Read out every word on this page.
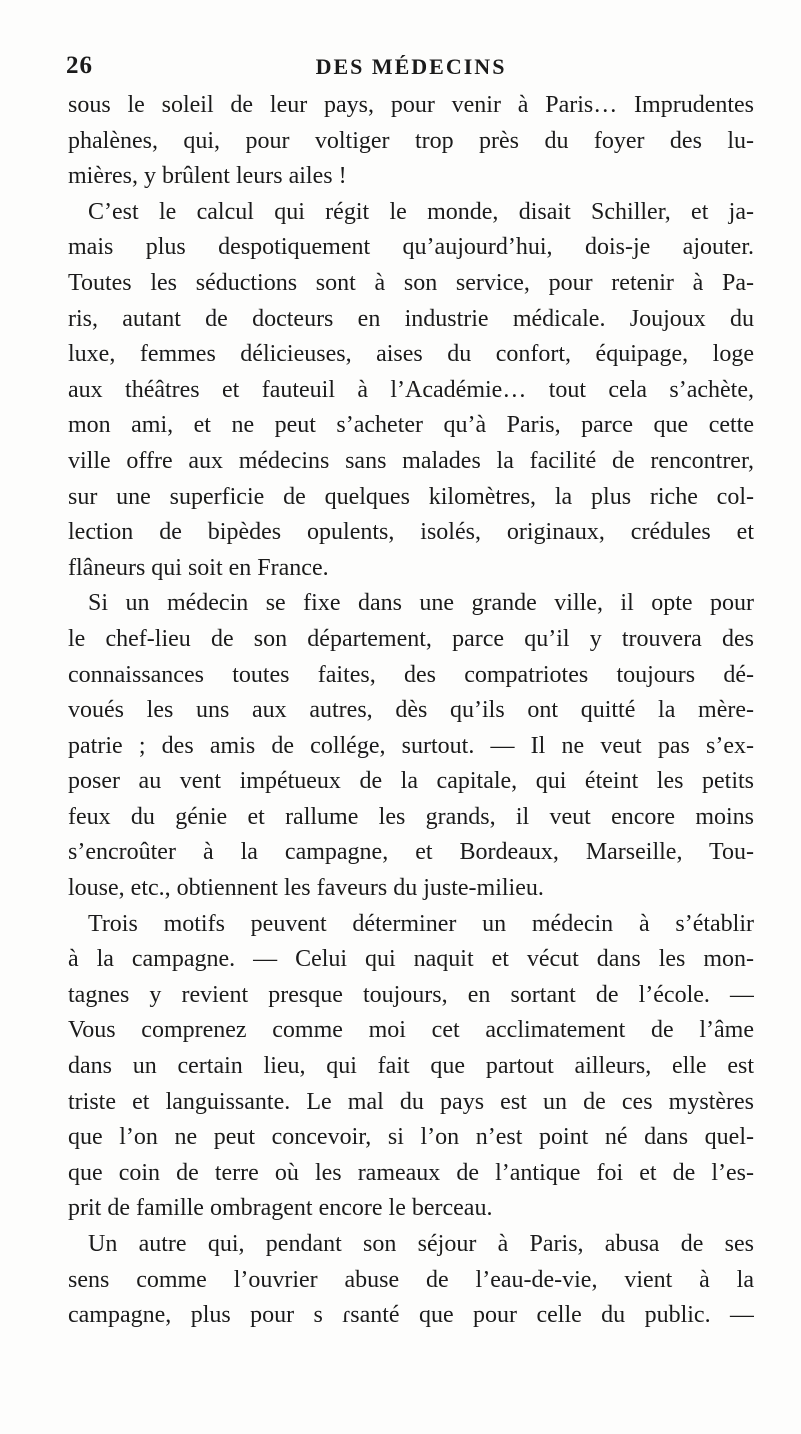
26	DES MÉDECINS
sous le soleil de leur pays, pour venir à Paris… Imprudentes
phalènes, qui, pour voltiger trop près du foyer des lu-
mières, y brûlent leurs ailes !
C’est le calcul qui régit le monde, disait Schiller, et ja-
mais plus despotiquement qu’aujourd’hui, dois-je ajouter.
Toutes les séductions sont à son service, pour retenir à Pa-
ris, autant de docteurs en industrie médicale. Joujoux du
luxe, femmes délicieuses, aises du confort, équipage, loge
aux théâtres et fauteuil à l’Académie… tout cela s’achète,
mon ami, et ne peut s’acheter qu’à Paris, parce que cette
ville offre aux médecins sans malades la facilité de rencontrer,
sur une superficie de quelques kilomètres, la plus riche col-
lection de bipèdes opulents, isolés, originaux, crédules et
flâneurs qui soit en France.
Si un médecin se fixe dans une grande ville, il opte pour
le chef-lieu de son département, parce qu’il y trouvera des
connaissances toutes faites, des compatriotes toujours dé-
voués les uns aux autres, dès qu’ils ont quitté la mère-
patrie ; des amis de collége, surtout. — Il ne veut pas s’ex-
poser au vent impétueux de la capitale, qui éteint les petits
feux du génie et rallume les grands, il veut encore moins
s’encroûter à la campagne, et Bordeaux, Marseille, Tou-
louse, etc., obtiennent les faveurs du juste-milieu.
Trois motifs peuvent déterminer un médecin à s’établir
à la campagne. — Celui qui naquit et vécut dans les mon-
tagnes y revient presque toujours, en sortant de l’école. —
Vous comprenez comme moi cet acclimatement de l’âme
dans un certain lieu, qui fait que partout ailleurs, elle est
triste et languissante. Le mal du pays est un de ces mystères
que l’on ne peut concevoir, si l’on n’est point né dans quel-
que coin de terre où les rameaux de l’antique foi et de l’es-
prit de famille ombragent encore le berceau.
Un autre qui, pendant son séjour à Paris, abusa de ses
sens comme l’ouvrier abuse de l’eau-de-vie, vient à la
campagne, plus pour s ɾsanté que pour celle du public. —
